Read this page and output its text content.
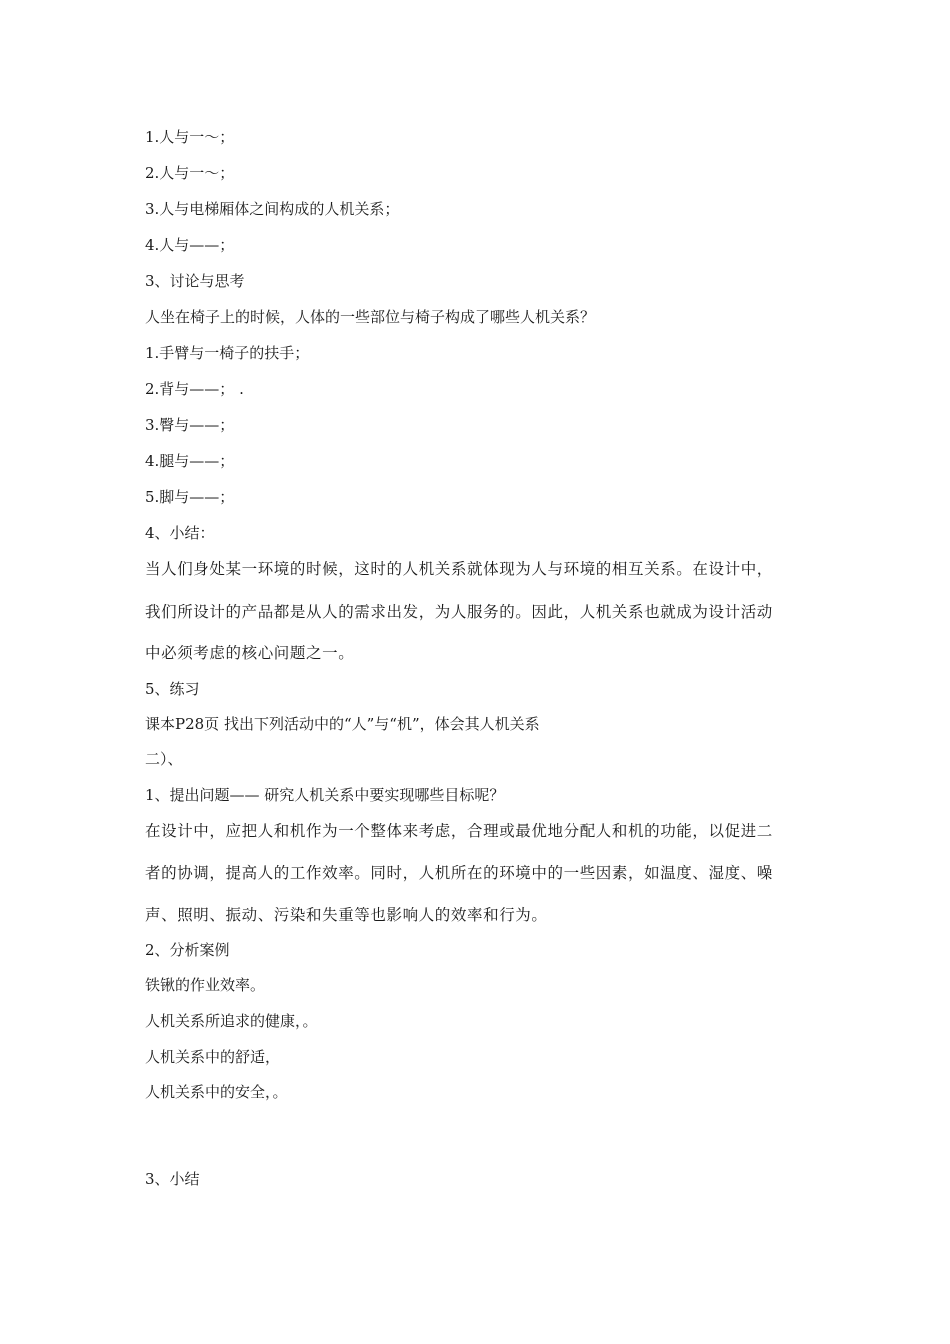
1.人与一～；
2.人与一～；
3.人与电梯厢体之间构成的人机关系；
4.人与——；
3、讨论与思考
人坐在椅子上的时候，人体的一些部位与椅子构成了哪些人机关系？
1.手臂与一椅子的扶手；
2.背与——； .
3.臀与——；
4.腿与——；
5.脚与——；
4、小结：
当人们身处某一环境的时候，这时的人机关系就体现为人与环境的相互关系。在设计中，
我们所设计的产品都是从人的需求出发，为人服务的。因此，人机关系也就成为设计活动
中必须考虑的核心问题之一。
5、练习
课本P28页 找出下列活动中的“人”与“机”，体会其人机关系
二）、
1、提出问题—— 研究人机关系中要实现哪些目标呢？
在设计中，应把人和机作为一个整体来考虑，合理或最优地分配人和机的功能，以促进二
者的协调，提高人的工作效率。同时，人机所在的环境中的一些因素，如温度、湿度、噪
声、照明、振动、污染和失重等也影响人的效率和行为。
2、分析案例
铁锹的作业效率。
人机关系所追求的健康，。
人机关系中的舒适，
人机关系中的安全，。
3、小结
